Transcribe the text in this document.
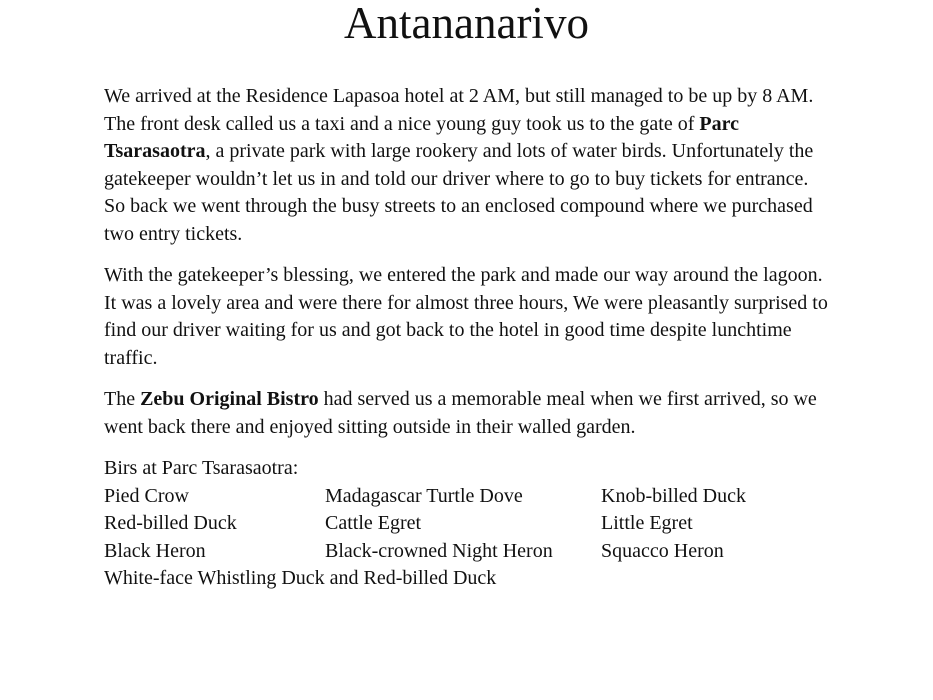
Antananarivo

We arrived at the Residence Lapasoa hotel at 2 AM, but still managed to be up by 8 AM. The front desk called us a taxi and a nice young guy took us to the gate of Parc Tsarasaotra, a private park with large rookery and lots of water birds. Unfortunately the gatekeeper wouldn’t let us in and told our driver where to go to buy tickets for entrance. So back we went through the busy streets to an enclosed compound where we purchased two entry tickets.

With the gatekeeper’s blessing, we entered the park and made our way around the lagoon. It was a lovely area and were there for almost three hours, We were pleasantly surprised to find our driver waiting for us and got back to the hotel in good time despite lunchtime traffic.

The Zebu Original Bistro had served us a memorable meal when we first arrived, so we went back there and enjoyed sitting outside in their walled garden.

Birs at Parc Tsarasaotra:

Pied Crow	Madagascar Turtle Dove	Knob-billed Duck
Red-billed Duck	Cattle Egret	Little Egret
Black Heron	Black-crowned Night Heron	Squacco Heron

White-face Whistling Duck and Red-billed Duck
